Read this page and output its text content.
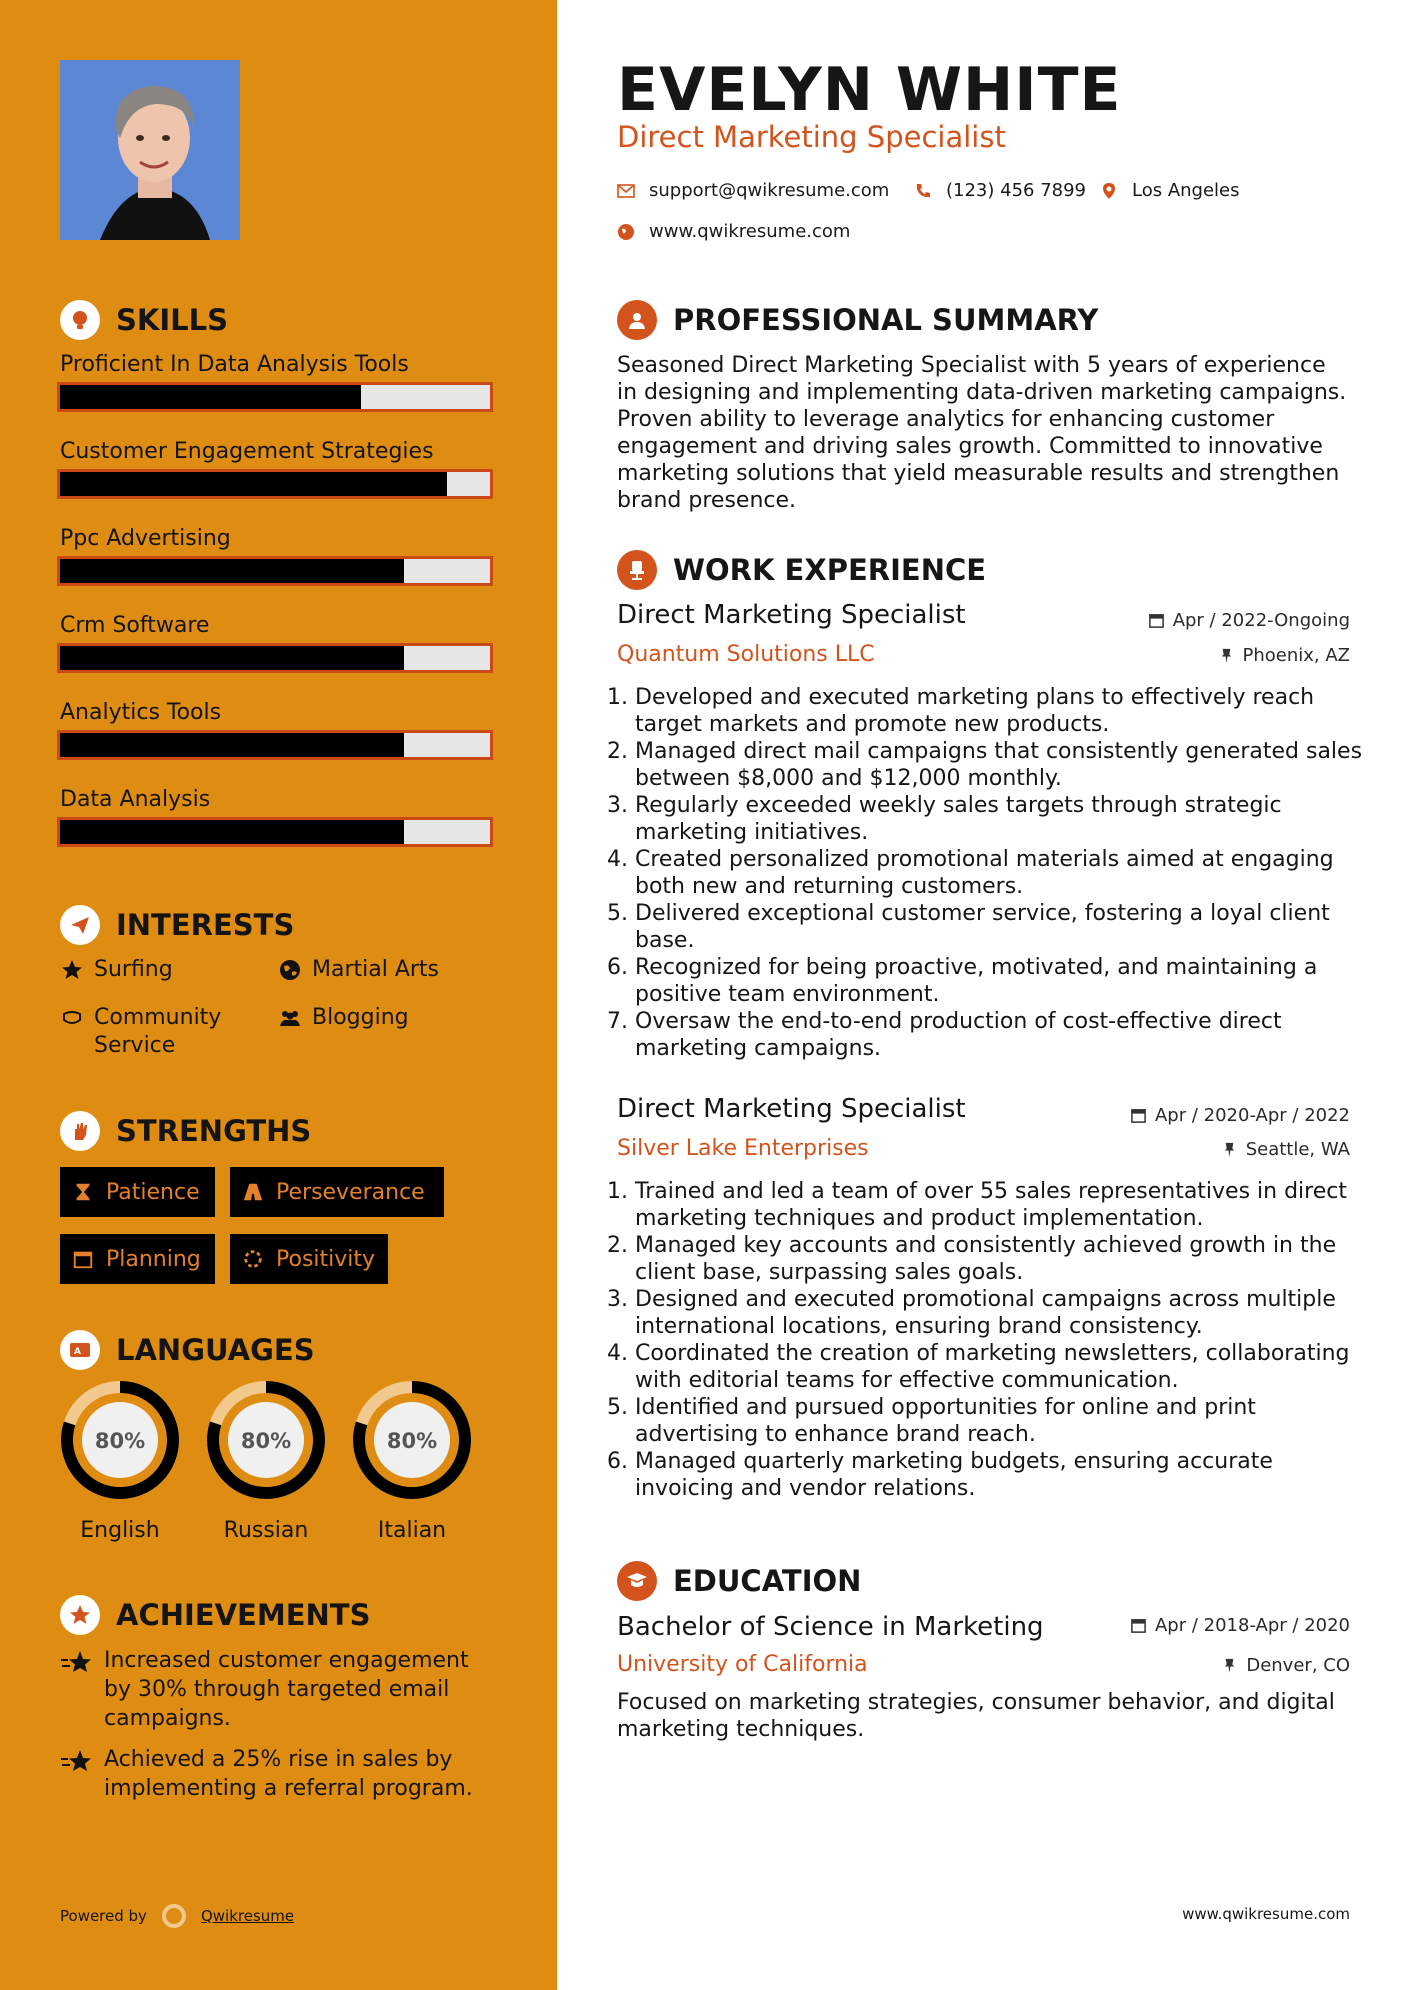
SKILLS
Proficient In Data Analysis Tools
Customer Engagement Strategies
Ppc Advertising
Crm Software
Analytics Tools
Data Analysis
INTERESTS
Surfing	Martial Arts
Community Service
Blogging
STRENGTHS
Patience	Perseverance
Planning	Positivity
A LANGUAGES
80%
English
80%
Russian
80%
Italian
ACHIEVEMENTS
Increased customer engagement by 30% through targeted email campaigns.
Achieved a 25% rise in sales by implementing a referral program.
Powered by	Qwikresume
EVELYN WHITE
Direct Marketing Specialist
support@qwikresume.com	(123) 456 7899	Los Angeles
www.qwikresume.com
PROFESSIONAL SUMMARY
Seasoned Direct Marketing Specialist with 5 years of experience in designing and implementing data-driven marketing campaigns. Proven ability to leverage analytics for enhancing customer engagement and driving sales growth. Committed to innovative marketing solutions that yield measurable results and strengthen brand presence.
WORK EXPERIENCE
Direct Marketing Specialist	Apr / 2022-Ongoing
Quantum Solutions LLC	Phoenix, AZ
1. Developed and executed marketing plans to effectively reach target markets and promote new products.
2. Managed direct mail campaigns that consistently generated sales between $8,000 and $12,000 monthly.
3. Regularly exceeded weekly sales targets through strategic marketing initiatives.
4. Created personalized promotional materials aimed at engaging both new and returning customers.
5. Delivered exceptional customer service, fostering a loyal client base.
6. Recognized for being proactive, motivated, and maintaining a positive team environment.
7. Oversaw the end-to-end production of cost-effective direct marketing campaigns.
Direct Marketing Specialist	Apr / 2020-Apr / 2022
Silver Lake Enterprises	Seattle, WA
1. Trained and led a team of over 55 sales representatives in direct marketing techniques and product implementation.
2. Managed key accounts and consistently achieved growth in the client base, surpassing sales goals.
3. Designed and executed promotional campaigns across multiple international locations, ensuring brand consistency.
4. Coordinated the creation of marketing newsletters, collaborating with editorial teams for effective communication.
5. Identified and pursued opportunities for online and print advertising to enhance brand reach.
6. Managed quarterly marketing budgets, ensuring accurate invoicing and vendor relations.
EDUCATION
Bachelor of Science in Marketing	Apr / 2018-Apr / 2020
University of California	Denver, CO
Focused on marketing strategies, consumer behavior, and digital marketing techniques.
www.qwikresume.com
